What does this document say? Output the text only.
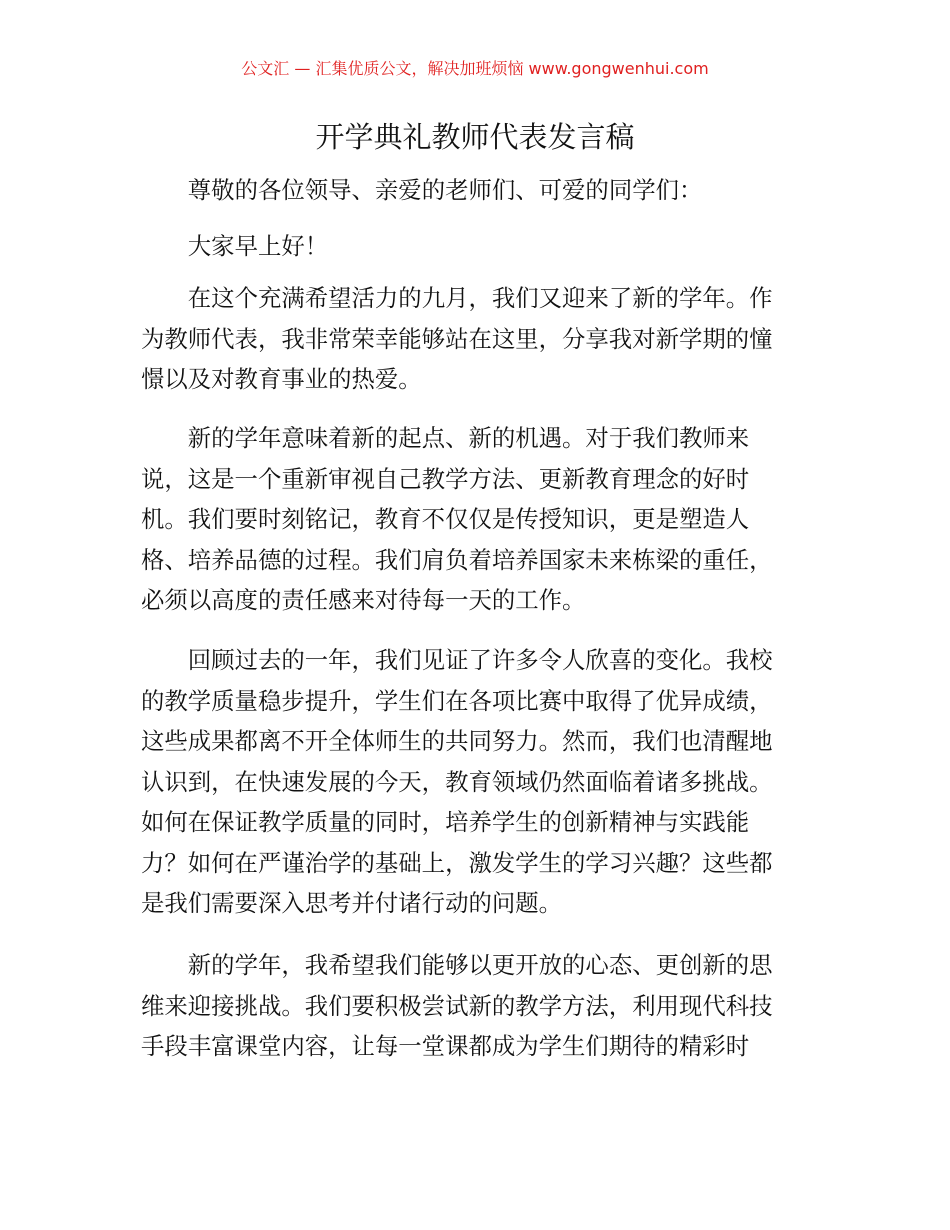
公文汇 — 汇集优质公文，解决加班烦恼 www.gongwenhui.com
开学典礼教师代表发言稿

尊敬的各位领导、亲爱的老师们、可爱的同学们：

大家早上好！

在这个充满希望活力的九月，我们又迎来了新的学年。作
为教师代表，我非常荣幸能够站在这里，分享我对新学期的憧
憬以及对教育事业的热爱。
新的学年意味着新的起点、新的机遇。对于我们教师来
说，这是一个重新审视自己教学方法、更新教育理念的好时
机。我们要时刻铭记，教育不仅仅是传授知识，更是塑造人
格、培养品德的过程。我们肩负着培养国家未来栋梁的重任，
必须以高度的责任感来对待每一天的工作。
回顾过去的一年，我们见证了许多令人欣喜的变化。我校
的教学质量稳步提升，学生们在各项比赛中取得了优异成绩，
这些成果都离不开全体师生的共同努力。然而，我们也清醒地
认识到，在快速发展的今天，教育领域仍然面临着诸多挑战。
如何在保证教学质量的同时，培养学生的创新精神与实践能
力？如何在严谨治学的基础上，激发学生的学习兴趣？这些都
是我们需要深入思考并付诸行动的问题。
新的学年，我希望我们能够以更开放的心态、更创新的思
维来迎接挑战。我们要积极尝试新的教学方法，利用现代科技
手段丰富课堂内容，让每一堂课都成为学生们期待的精彩时
